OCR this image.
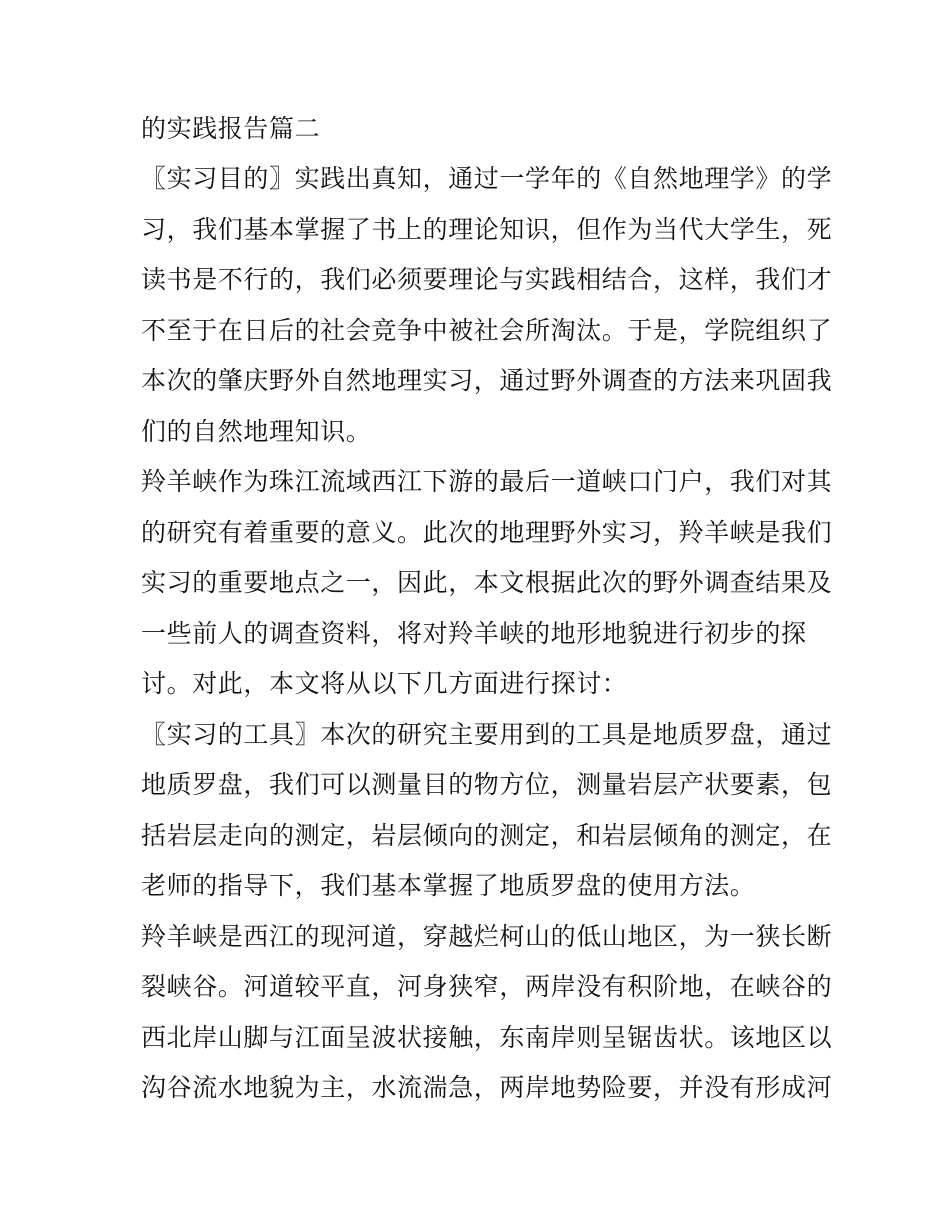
的实践报告篇二
〖实习目的〗实践出真知，通过一学年的《自然地理学》的学
习，我们基本掌握了书上的理论知识，但作为当代大学生，死
读书是不行的，我们必须要理论与实践相结合，这样，我们才
不至于在日后的社会竞争中被社会所淘汰。于是，学院组织了
本次的肇庆野外自然地理实习，通过野外调查的方法来巩固我
们的自然地理知识。
羚羊峡作为珠江流域西江下游的最后一道峡口门户，我们对其
的研究有着重要的意义。此次的地理野外实习，羚羊峡是我们
实习的重要地点之一，因此，本文根据此次的野外调查结果及
一些前人的调查资料，将对羚羊峡的地形地貌进行初步的探
讨。对此，本文将从以下几方面进行探讨：
〖实习的工具〗本次的研究主要用到的工具是地质罗盘，通过
地质罗盘，我们可以测量目的物方位，测量岩层产状要素，包
括岩层走向的测定，岩层倾向的测定，和岩层倾角的测定，在
老师的指导下，我们基本掌握了地质罗盘的使用方法。
羚羊峡是西江的现河道，穿越烂柯山的低山地区，为一狭长断
裂峡谷。河道较平直，河身狭窄，两岸没有积阶地，在峡谷的
西北岸山脚与江面呈波状接触，东南岸则呈锯齿状。该地区以
沟谷流水地貌为主，水流湍急，两岸地势险要，并没有形成河
